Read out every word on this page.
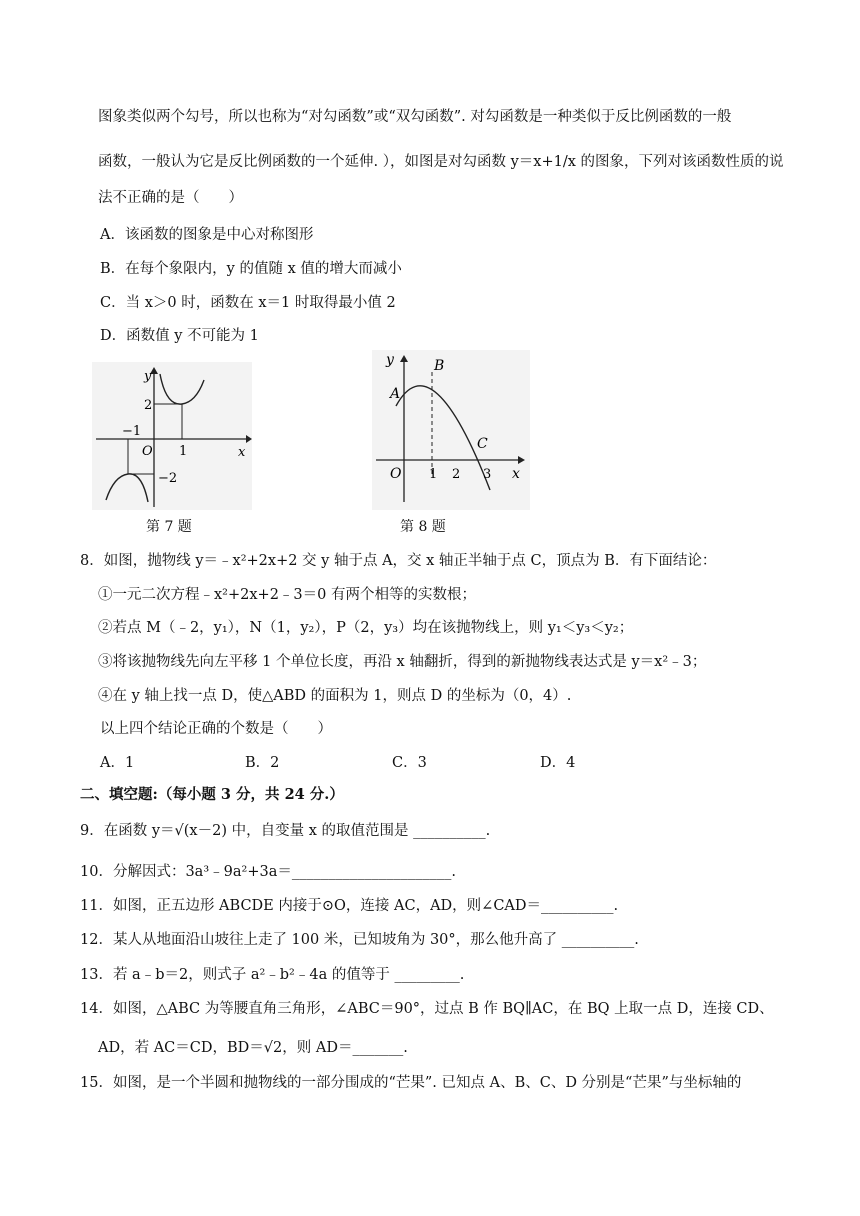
图象类似两个勾号，所以也称为“对勾函数”或“双勾函数”. 对勾函数是一种类似于反比例函数的一般
函数，一般认为它是反比例函数的一个延伸. ），如图是对勾函数 y＝x+1/x 的图象，下列对该函数性质的说
法不正确的是（　　）
A．该函数的图象是中心对称图形
B．在每个象限内，y 的值随 x 值的增大而减小
C．当 x＞0 时，函数在 x＝1 时取得最小值 2
D．函数值 y 不可能为 1
y
x
O
2
−2
1
−1
第 7 题
y
x
O
A
B
C
1 2 3
第 8 题
8．如图，抛物线 y＝﹣x²+2x+2 交 y 轴于点 A，交 x 轴正半轴于点 C，顶点为 B．有下面结论：
①一元二次方程﹣x²+2x+2﹣3＝0 有两个相等的实数根；
②若点 M（﹣2，y₁），N（1，y₂），P（2，y₃）均在该抛物线上，则 y₁＜y₃＜y₂；
③将该抛物线先向左平移 1 个单位长度，再沿 x 轴翻折，得到的新抛物线表达式是 y＝x²﹣3；
④在 y 轴上找一点 D，使△ABD 的面积为 1，则点 D 的坐标为（0，4）.
以上四个结论正确的个数是（　　）
A．1	B．2	C．3	D．4
二、填空题:（每小题 3 分，共 24 分.）
9．在函数 y＝√(x－2) 中，自变量 x 的取值范围是 __________.
10．分解因式：3a³﹣9a²+3a＝______________________.
11．如图，正五边形 ABCDE 内接于⊙O，连接 AC，AD，则∠CAD＝__________.
12．某人从地面沿山坡往上走了 100 米，已知坡角为 30°，那么他升高了 __________.
13．若 a﹣b＝2，则式子 a²﹣b²﹣4a 的值等于 _________.
14．如图，△ABC 为等腰直角三角形，∠ABC＝90°，过点 B 作 BQ∥AC，在 BQ 上取一点 D，连接 CD、
AD，若 AC＝CD，BD＝√2，则 AD＝_______.
15．如图，是一个半圆和抛物线的一部分围成的“芒果”. 已知点 A、B、C、D 分别是“芒果”与坐标轴的
